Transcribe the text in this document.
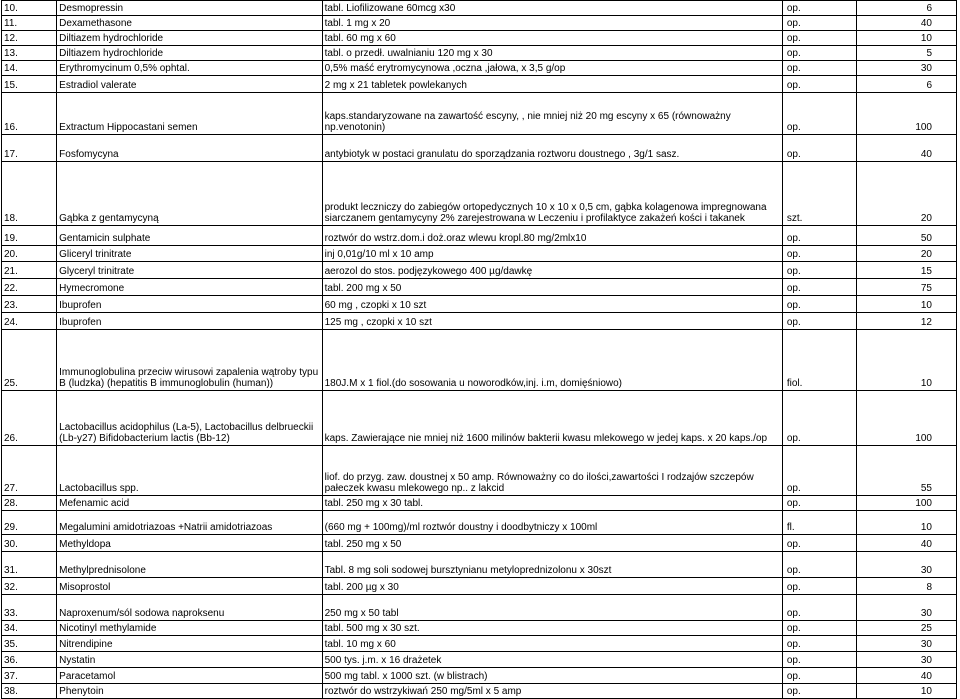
10.	Desmopressin	tabl. Liofilizowane 60mcg x30	op.	6
11.	Dexamethasone	tabl. 1 mg x 20	op.	40
12.	Diltiazem hydrochloride	tabl. 60 mg x 60	op.	10
13.	Diltiazem hydrochloride	tabl. o przedł. uwalnianiu 120 mg x 30	op.	5
14.	Erythromycinum 0,5% ophtal.	0,5% maść erytromycynowa ,oczna ,jałowa, x 3,5 g/op	op.	30
15.	Estradiol valerate	2 mg x 21 tabletek powlekanych	op.	6
16.	Extractum Hippocastani semen	kaps.standaryzowane na zawartość escyny, , nie mniej niż 20 mg escyny x 65 (równoważny np.venotonin)	op.	100
17.	Fosfomycyna	antybiotyk w postaci granulatu do sporządzania roztworu doustnego , 3g/1 sasz.	op.	40
18.	Gąbka z gentamycyną	produkt leczniczy do zabiegów ortopedycznych 10 x 10 x 0,5 cm, gąbka kolagenowa impregnowana siarczanem gentamycyny 2% zarejestrowana w Leczeniu i profilaktyce zakażeń kości i takanek	szt.	20
19.	Gentamicin sulphate	roztwór do wstrz.dom.i doż.oraz wlewu kropl.80 mg/2mlx10	op.	50
20.	Gliceryl trinitrate	inj 0,01g/10 ml x 10 amp	op.	20
21.	Glyceryl trinitrate	aerozol do stos. podjęzykowego 400 µg/dawkę	op.	15
22.	Hymecromone	tabl. 200 mg x 50	op.	75
23.	Ibuprofen	60 mg , czopki x 10 szt	op.	10
24.	Ibuprofen	125 mg , czopki x 10 szt	op.	12
25.	Immunoglobulina przeciw wirusowi zapalenia wątroby typu B (ludzka) (hepatitis B immunoglobulin (human))	180J.M x 1 fiol.(do sosowania u noworodków,inj. i.m, domięśniowo)	fiol.	10
26.	Lactobacillus acidophilus (La-5), Lactobacillus delbrueckii (Lb-y27) Bifidobacterium lactis (Bb-12)	kaps. Zawierające nie mniej niż 1600 milinów bakterii kwasu mlekowego w jedej kaps. x 20 kaps./op	op.	100
27.	Lactobacillus spp.	liof. do przyg. zaw. doustnej x 50 amp. Równoważny co do ilości,zawartości I rodzajów szczepów pałeczek kwasu mlekowego np.. z lakcid	op.	55
28.	Mefenamic acid	tabl. 250 mg x 30 tabl.	op.	100
29.	Megalumini amidotriazoas +Natrii amidotriazoas	(660 mg + 100mg)/ml roztwór doustny i doodbytniczy x 100ml	fl.	10
30.	Methyldopa	tabl. 250 mg x 50	op.	40
31.	Methylprednisolone	Tabl. 8 mg soli sodowej bursztynianu metyloprednizolonu x 30szt	op.	30
32.	Misoprostol	tabl. 200 µg x 30	op.	8
33.	Naproxenum/sól sodowa naproksenu	250 mg x 50 tabl	op.	30
34.	Nicotinyl methylamide	tabl. 500 mg x 30 szt.	op.	25
35.	Nitrendipine	tabl. 10 mg x 60	op.	30
36.	Nystatin	500 tys. j.m. x 16 drażetek	op.	30
37.	Paracetamol	500 mg tabl. x 1000 szt. (w blistrach)	op.	40
38.	Phenytoin	roztwór do wstrzykiwań 250 mg/5ml x 5 amp	op.	10
